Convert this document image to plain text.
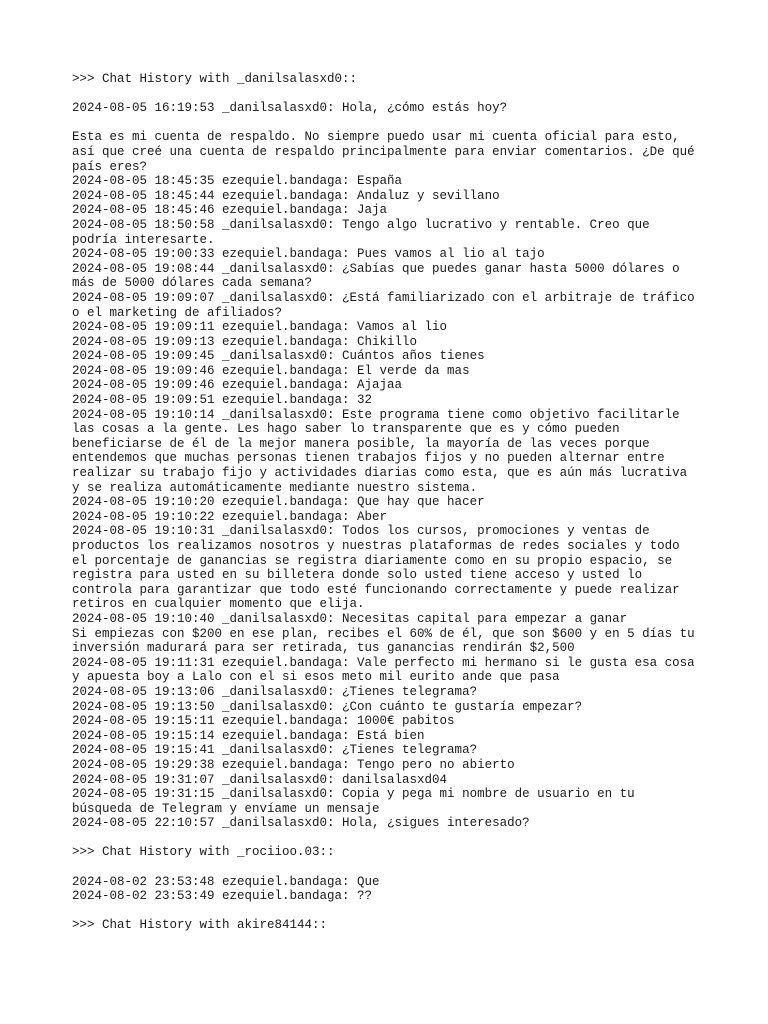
>>> Chat History with _danilsalasxd0::
2024-08-05 16:19:53 _danilsalasxd0: Hola, ¿cómo estás hoy?
Esta es mi cuenta de respaldo. No siempre puedo usar mi cuenta oficial para esto,
así que creé una cuenta de respaldo principalmente para enviar comentarios. ¿De qué
país eres?
2024-08-05 18:45:35 ezequiel.bandaga: España
2024-08-05 18:45:44 ezequiel.bandaga: Andaluz y sevillano
2024-08-05 18:45:46 ezequiel.bandaga: Jaja
2024-08-05 18:50:58 _danilsalasxd0: Tengo algo lucrativo y rentable. Creo que
podría interesarte.
2024-08-05 19:00:33 ezequiel.bandaga: Pues vamos al lio al tajo
2024-08-05 19:08:44 _danilsalasxd0: ¿Sabías que puedes ganar hasta 5000 dólares o
más de 5000 dólares cada semana?
2024-08-05 19:09:07 _danilsalasxd0: ¿Está familiarizado con el arbitraje de tráfico
o el marketing de afiliados?
2024-08-05 19:09:11 ezequiel.bandaga: Vamos al lio
2024-08-05 19:09:13 ezequiel.bandaga: Chikillo
2024-08-05 19:09:45 _danilsalasxd0: Cuántos años tienes
2024-08-05 19:09:46 ezequiel.bandaga: El verde da mas
2024-08-05 19:09:46 ezequiel.bandaga: Ajajaa
2024-08-05 19:09:51 ezequiel.bandaga: 32
2024-08-05 19:10:14 _danilsalasxd0: Este programa tiene como objetivo facilitarle
las cosas a la gente. Les hago saber lo transparente que es y cómo pueden
beneficiarse de él de la mejor manera posible, la mayoría de las veces porque
entendemos que muchas personas tienen trabajos fijos y no pueden alternar entre
realizar su trabajo fijo y actividades diarias como esta, que es aún más lucrativa
y se realiza automáticamente mediante nuestro sistema.
2024-08-05 19:10:20 ezequiel.bandaga: Que hay que hacer
2024-08-05 19:10:22 ezequiel.bandaga: Aber
2024-08-05 19:10:31 _danilsalasxd0: Todos los cursos, promociones y ventas de
productos los realizamos nosotros y nuestras plataformas de redes sociales y todo
el porcentaje de ganancias se registra diariamente como en su propio espacio, se
registra para usted en su billetera donde solo usted tiene acceso y usted lo
controla para garantizar que todo esté funcionando correctamente y puede realizar
retiros en cualquier momento que elija.
2024-08-05 19:10:40 _danilsalasxd0: Necesitas capital para empezar a ganar
Si empiezas con $200 en ese plan, recibes el 60% de él, que son $600 y en 5 días tu
inversión madurará para ser retirada, tus ganancias rendirán $2,500
2024-08-05 19:11:31 ezequiel.bandaga: Vale perfecto mi hermano si le gusta esa cosa
y apuesta boy a Lalo con el si esos meto mil eurito ande que pasa
2024-08-05 19:13:06 _danilsalasxd0: ¿Tienes telegrama?
2024-08-05 19:13:50 _danilsalasxd0: ¿Con cuánto te gustaría empezar?
2024-08-05 19:15:11 ezequiel.bandaga: 1000€ pabitos
2024-08-05 19:15:14 ezequiel.bandaga: Está bien
2024-08-05 19:15:41 _danilsalasxd0: ¿Tienes telegrama?
2024-08-05 19:29:38 ezequiel.bandaga: Tengo pero no abierto
2024-08-05 19:31:07 _danilsalasxd0: danilsalasxd04
2024-08-05 19:31:15 _danilsalasxd0: Copia y pega mi nombre de usuario en tu
búsqueda de Telegram y envíame un mensaje
2024-08-05 22:10:57 _danilsalasxd0: Hola, ¿sigues interesado?
>>> Chat History with _rociioo.03::
2024-08-02 23:53:48 ezequiel.bandaga: Que
2024-08-02 23:53:49 ezequiel.bandaga: ??
>>> Chat History with akire84144::
